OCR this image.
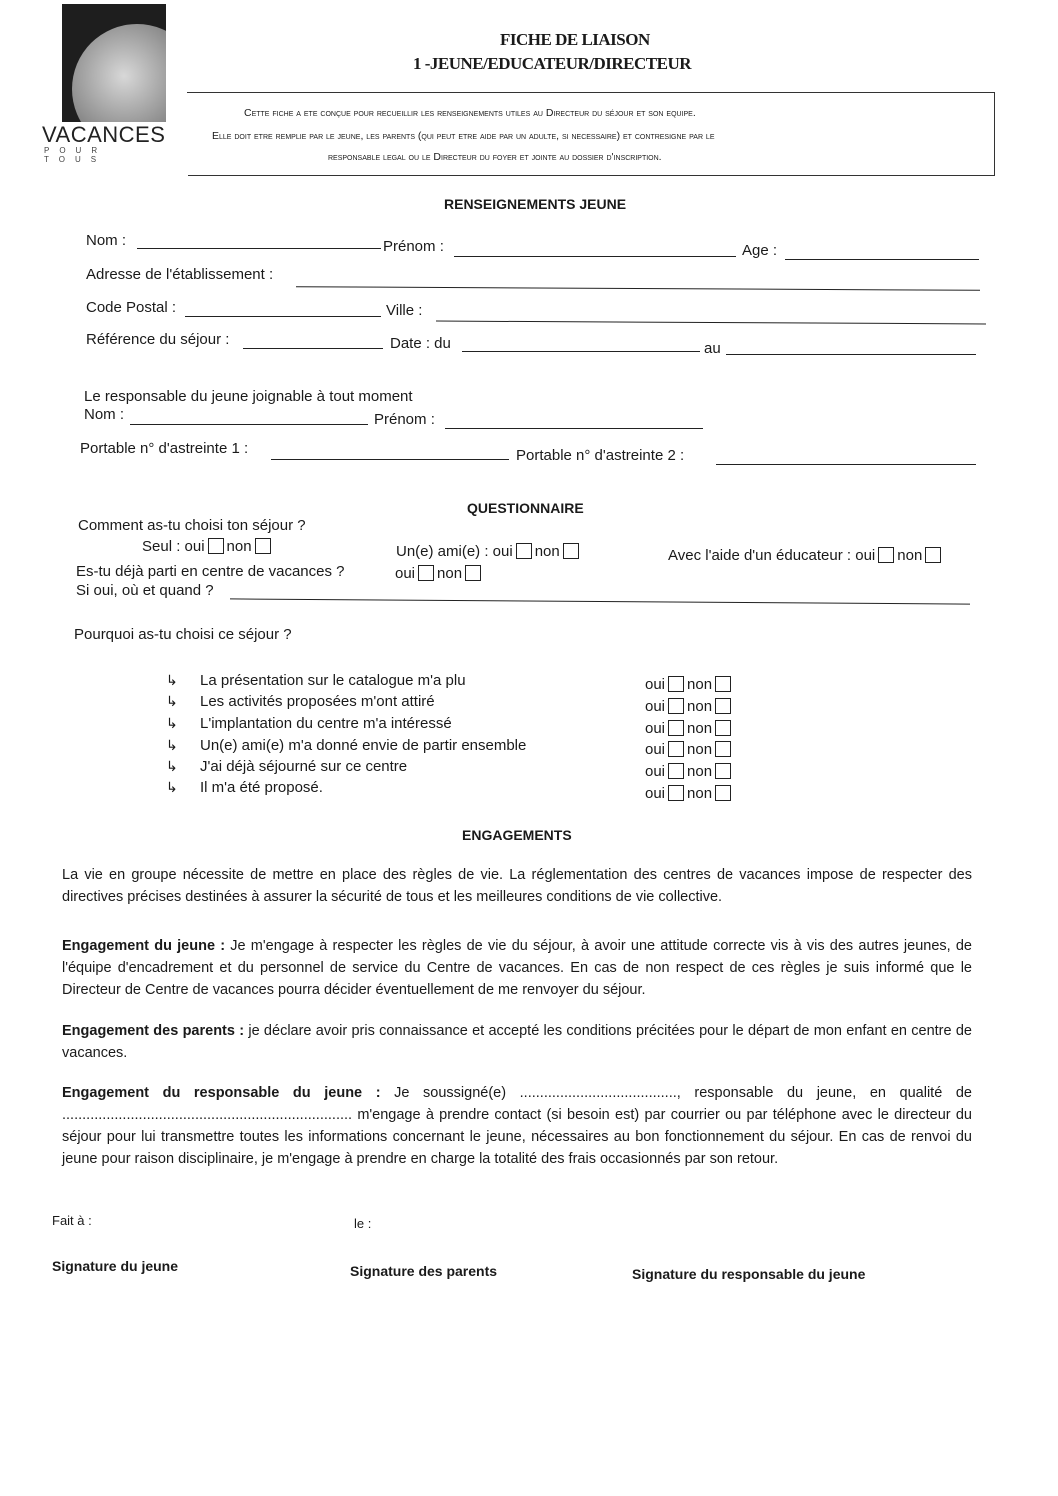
VACANCES
POUR TOUS
FICHE DE LIAISON
1 -JEUNE/EDUCATEUR/DIRECTEUR
Cette fiche a ete conçue pour recueillir les renseignements utiles au Directeur du séjour et son equipe.
Elle doit etre remplie par le jeune, les parents (qui peut etre aide par un adulte, si necessaire) et contresigne par le
responsable legal ou le Directeur du foyer et jointe au dossier d'inscription.
RENSEIGNEMENTS JEUNE
Nom :	Prénom :	Age :
Adresse de l'établissement :
Code Postal :	Ville :
Référence du séjour :	Date : du	au
Le responsable du jeune joignable à tout moment
Nom :	Prénom :
Portable n° d'astreinte 1 :	Portable n° d'astreinte 2 :
QUESTIONNAIRE
Comment as-tu choisi ton séjour ?
Seul : oui non	Un(e) ami(e) : oui non	Avec l'aide d'un éducateur : oui non
Es-tu déjà parti en centre de vacances ?	oui non
Si oui, où et quand ?
Pourquoi as-tu choisi ce séjour ?
↳ La présentation sur le catalogue m'a plu	oui non
↳ Les activités proposées m'ont attiré	oui non
↳ L'implantation du centre m'a intéressé	oui non
↳ Un(e) ami(e) m'a donné envie de partir ensemble	oui non
↳ J'ai déjà séjourné sur ce centre	oui non
↳ Il m'a été proposé.	oui non
ENGAGEMENTS
La vie en groupe nécessite de mettre en place des règles de vie. La réglementation des centres de vacances impose de respecter des directives précises destinées à assurer la sécurité de tous et les meilleures conditions de vie collective.
Engagement du jeune : Je m'engage à respecter les règles de vie du séjour, à avoir une attitude correcte vis à vis des autres jeunes, de l'équipe d'encadrement et du personnel de service du Centre de vacances. En cas de non respect de ces règles je suis informé que le Directeur de Centre de vacances pourra décider éventuellement de me renvoyer du séjour.
Engagement des parents : je déclare avoir pris connaissance et accepté les conditions précitées pour le départ de mon enfant en centre de vacances.
Engagement du responsable du jeune : Je soussigné(e) ......................................., responsable du jeune, en qualité de ........................................................................ m'engage à prendre contact (si besoin est) par courrier ou par téléphone avec le directeur du séjour pour lui transmettre toutes les informations concernant le jeune, nécessaires au bon fonctionnement du séjour. En cas de renvoi du jeune pour raison disciplinaire, je m'engage à prendre en charge la totalité des frais occasionnés par son retour.
Fait à :	le :
Signature du jeune	Signature des parents	Signature du responsable du jeune
